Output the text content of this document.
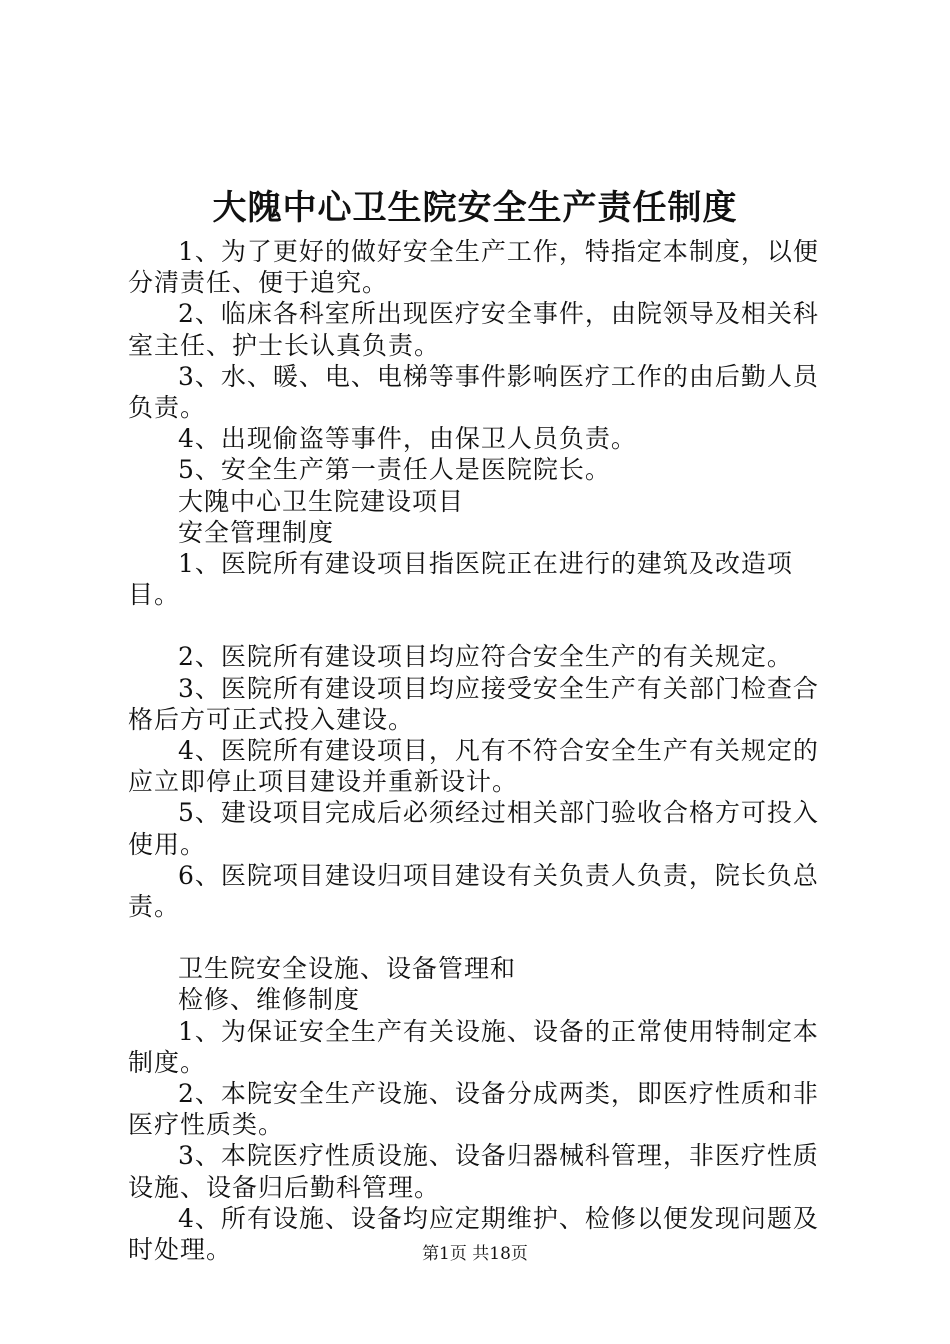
大隗中心卫生院安全生产责任制度

1、为了更好的做好安全生产工作，特指定本制度，以便分清责任、便于追究。

2、临床各科室所出现医疗安全事件，由院领导及相关科室主任、护士长认真负责。

3、水、暖、电、电梯等事件影响医疗工作的由后勤人员负责。

4、出现偷盗等事件，由保卫人员负责。

5、安全生产第一责任人是医院院长。

大隗中心卫生院建设项目

安全管理制度

1、医院所有建设项目指医院正在进行的建筑及改造项目。

2、医院所有建设项目均应符合安全生产的有关规定。

3、医院所有建设项目均应接受安全生产有关部门检查合格后方可正式投入建设。

4、医院所有建设项目，凡有不符合安全生产有关规定的应立即停止项目建设并重新设计。

5、建设项目完成后必须经过相关部门验收合格方可投入使用。

6、医院项目建设归项目建设有关负责人负责，院长负总责。

卫生院安全设施、设备管理和

检修、维修制度

1、为保证安全生产有关设施、设备的正常使用特制定本制度。

2、本院安全生产设施、设备分成两类，即医疗性质和非医疗性质类。

3、本院医疗性质设施、设备归器械科管理，非医疗性质设施、设备归后勤科管理。

4、所有设施、设备均应定期维护、检修以便发现问题及时处理。	第1页 共18页
